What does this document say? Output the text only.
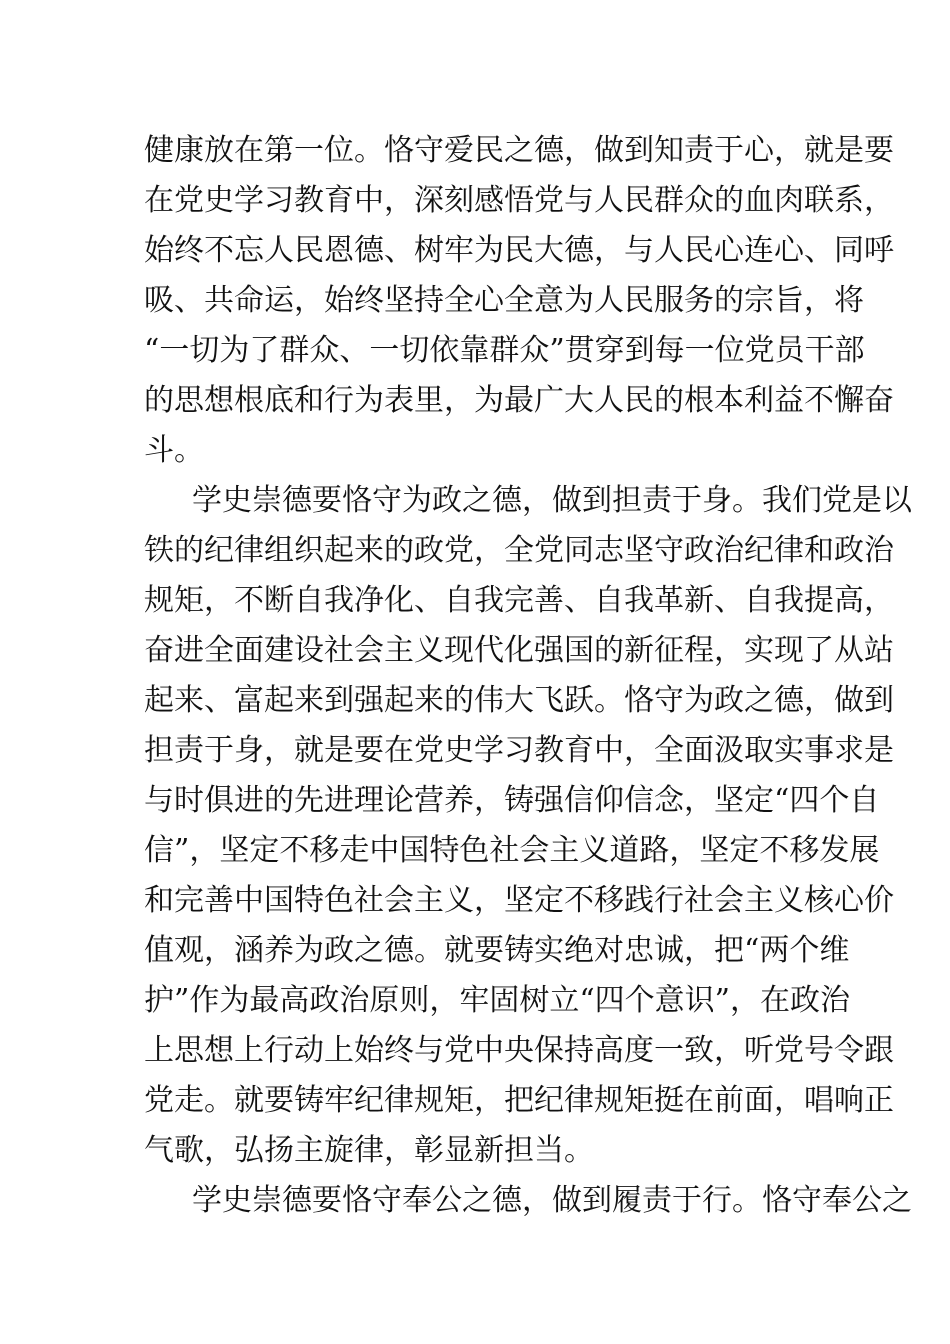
健康放在第一位。恪守爱民之德，做到知责于心，就是要
在党史学习教育中，深刻感悟党与人民群众的血肉联系，
始终不忘人民恩德、树牢为民大德，与人民心连心、同呼
吸、共命运，始终坚持全心全意为人民服务的宗旨，将
“一切为了群众、一切依靠群众”贯穿到每一位党员干部
的思想根底和行为表里，为最广大人民的根本利益不懈奋
斗。
学史崇德要恪守为政之德，做到担责于身。我们党是以
铁的纪律组织起来的政党，全党同志坚守政治纪律和政治
规矩，不断自我净化、自我完善、自我革新、自我提高，
奋进全面建设社会主义现代化强国的新征程，实现了从站
起来、富起来到强起来的伟大飞跃。恪守为政之德，做到
担责于身，就是要在党史学习教育中，全面汲取实事求是
与时俱进的先进理论营养，铸强信仰信念，坚定“四个自
信”，坚定不移走中国特色社会主义道路，坚定不移发展
和完善中国特色社会主义，坚定不移践行社会主义核心价
值观，涵养为政之德。就要铸实绝对忠诚，把“两个维
护”作为最高政治原则，牢固树立“四个意识”，在政治
上思想上行动上始终与党中央保持高度一致，听党号令跟
党走。就要铸牢纪律规矩，把纪律规矩挺在前面，唱响正
气歌，弘扬主旋律，彰显新担当。
学史崇德要恪守奉公之德，做到履责于行。恪守奉公之
